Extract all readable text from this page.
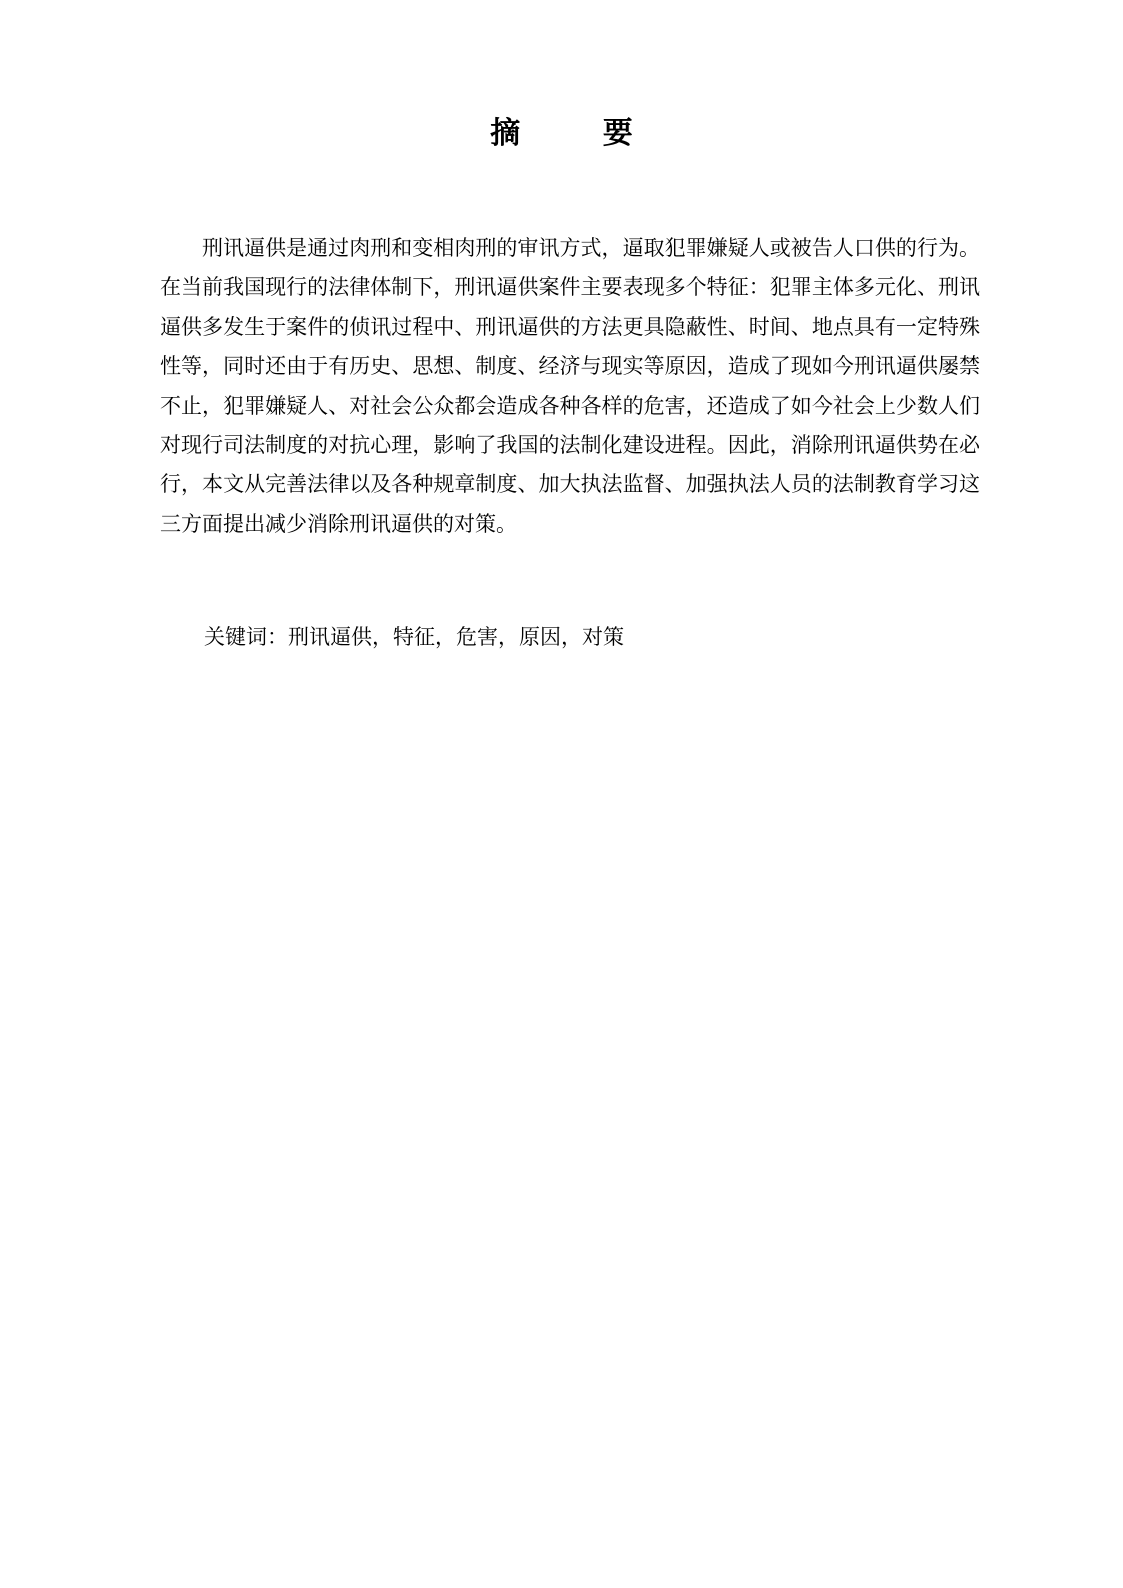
摘 要

刑讯逼供是通过肉刑和变相肉刑的审讯方式，逼取犯罪嫌疑人或被告人口供的行为。在当前我国现行的法律体制下，刑讯逼供案件主要表现多个特征：犯罪主体多元化、刑讯逼供多发生于案件的侦讯过程中、刑讯逼供的方法更具隐蔽性、时间、地点具有一定特殊性等，同时还由于有历史、思想、制度、经济与现实等原因，造成了现如今刑讯逼供屡禁不止，犯罪嫌疑人、对社会公众都会造成各种各样的危害，还造成了如今社会上少数人们对现行司法制度的对抗心理，影响了我国的法制化建设进程。因此，消除刑讯逼供势在必行，本文从完善法律以及各种规章制度、加大执法监督、加强执法人员的法制教育学习这三方面提出减少消除刑讯逼供的对策。

关键词：刑讯逼供，特征，危害，原因，对策
